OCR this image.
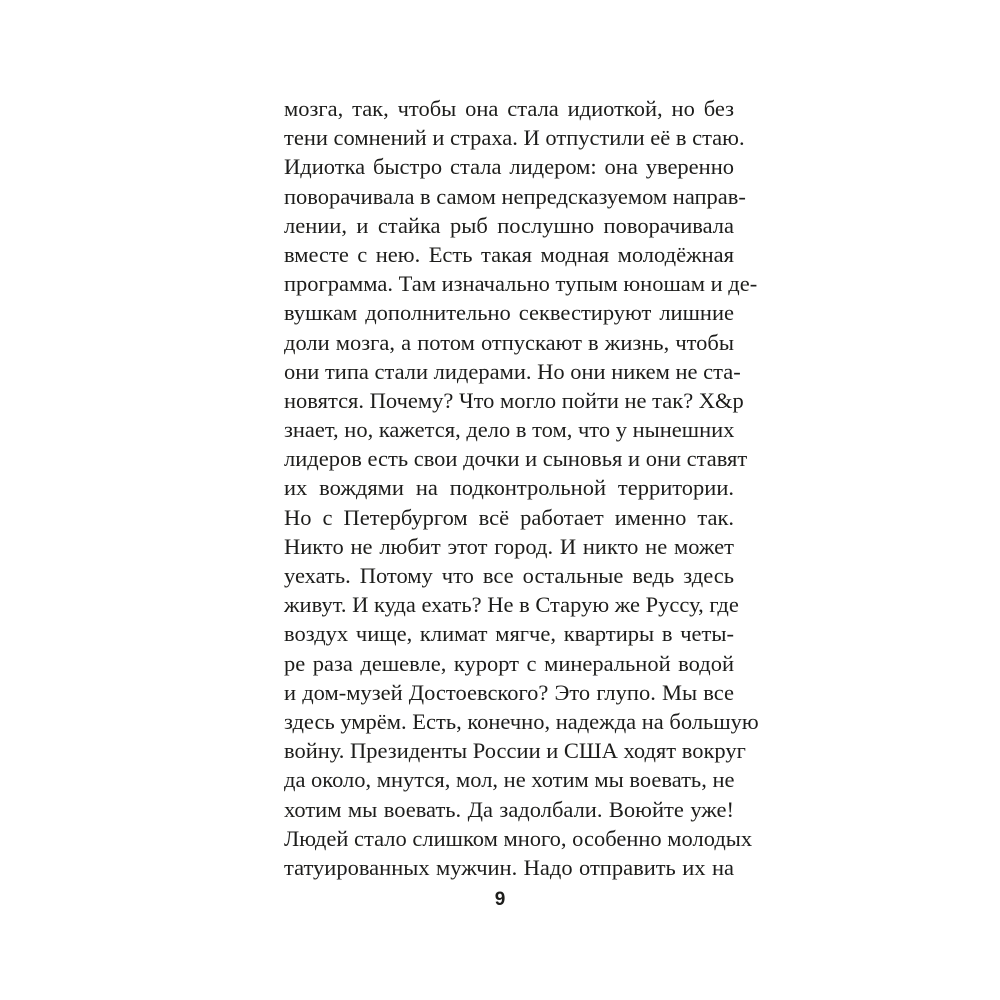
мозга, так, чтобы она стала идиоткой, но без
тени сомнений и страха. И отпустили её в стаю.
Идиотка быстро стала лидером: она уверенно
поворачивала в самом непредсказуемом направ-
лении, и стайка рыб послушно поворачивала
вместе с нею. Есть такая модная молодёжная
программа. Там изначально тупым юношам и де-
вушкам дополнительно секвестируют лишние
доли мозга, а потом отпускают в жизнь, чтобы
они типа стали лидерами. Но они никем не ста-
новятся. Почему? Что могло пойти не так? Х&р
знает, но, кажется, дело в том, что у нынешних
лидеров есть свои дочки и сыновья и они ставят
их вождями на подконтрольной территории.
Но с Петербургом всё работает именно так.
Никто не любит этот город. И никто не может
уехать. Потому что все остальные ведь здесь
живут. И куда ехать? Не в Старую же Руссу, где
воздух чище, климат мягче, квартиры в четы-
ре раза дешевле, курорт с минеральной водой
и дом-музей Достоевского? Это глупо. Мы все
здесь умрём. Есть, конечно, надежда на большую
войну. Президенты России и США ходят вокруг
да около, мнутся, мол, не хотим мы воевать, не
хотим мы воевать. Да задолбали. Воюйте уже!
Людей стало слишком много, особенно молодых
татуированных мужчин. Надо отправить их на

9
